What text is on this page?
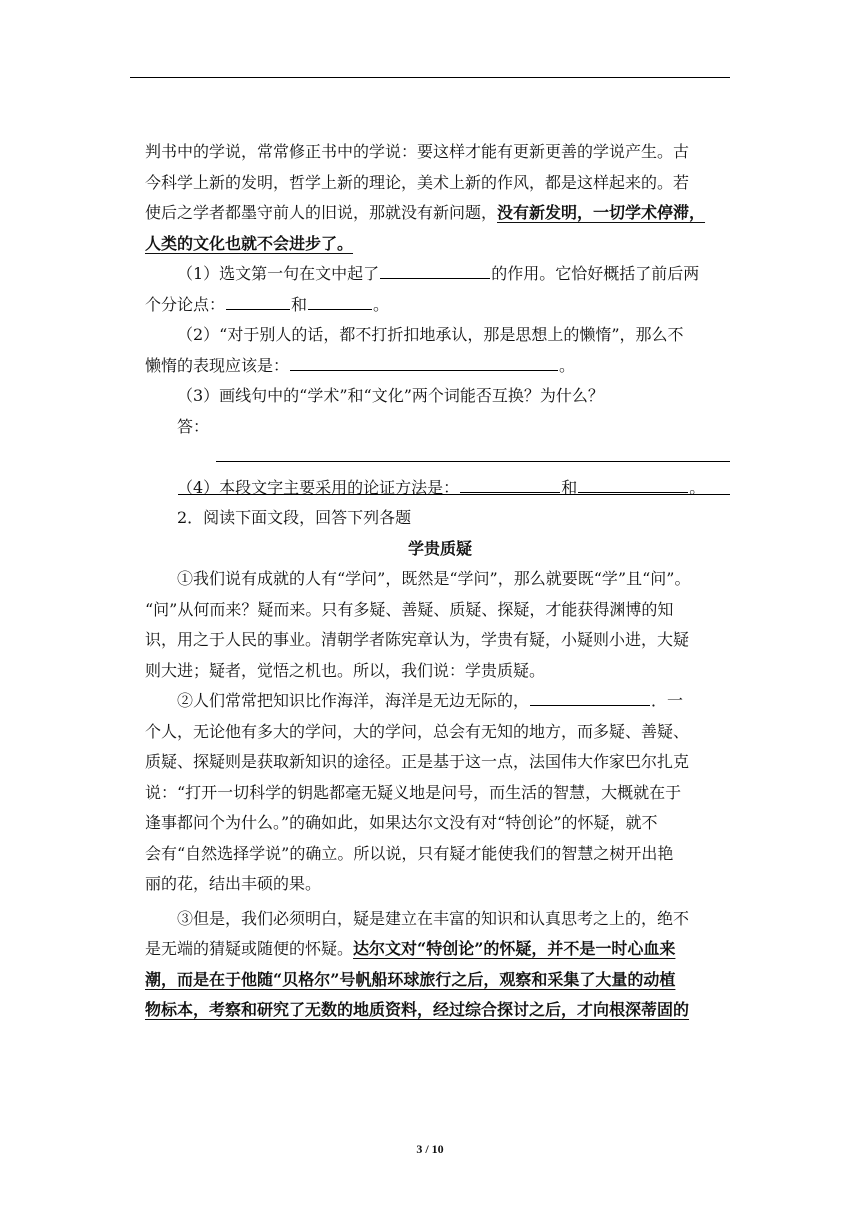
判书中的学说，常常修正书中的学说：要这样才能有更新更善的学说产生。古
今科学上新的发明，哲学上新的理论，美术上新的作风，都是这样起来的。若
使后之学者都墨守前人的旧说，那就没有新问题，没有新发明，一切学术停滞，
人类的文化也就不会进步了。
（1）选文第一句在文中起了	的作用。它恰好概括了前后两
个分论点：	和	。
（2）“对于别人的话，都不打折扣地承认，那是思想上的懒惰”，那么不
懒惰的表现应该是：	。
（3）画线句中的“学术”和“文化”两个词能否互换？为什么？
答：
（4）本段文字主要采用的论证方法是：	和	。
2．阅读下面文段，回答下列各题
学贵质疑
①我们说有成就的人有“学问”，既然是“学问”，那么就要既“学”且“问”。
“问”从何而来？疑而来。只有多疑、善疑、质疑、探疑，才能获得渊博的知
识，用之于人民的事业。清朝学者陈宪章认为，学贵有疑，小疑则小进，大疑
则大进；疑者，觉悟之机也。所以，我们说：学贵质疑。
②人们常常把知识比作海洋，海洋是无边无际的，	．一
个人，无论他有多大的学问，大的学问，总会有无知的地方，而多疑、善疑、
质疑、探疑则是获取新知识的途径。正是基于这一点，法国伟大作家巴尔扎克
说：“打开一切科学的钥匙都毫无疑义地是问号，而生活的智慧，大概就在于
逢事都问个为什么。”的确如此，如果达尔文没有对“特创论”的怀疑，就不
会有“自然选择学说”的确立。所以说，只有疑才能使我们的智慧之树开出艳
丽的花，结出丰硕的果。
③但是，我们必须明白，疑是建立在丰富的知识和认真思考之上的，绝不
是无端的猜疑或随便的怀疑。达尔文对“特创论”的怀疑，并不是一时心血来
潮，而是在于他随“贝格尔”号帆船环球旅行之后，观察和采集了大量的动植
物标本，考察和研究了无数的地质资料，经过综合探讨之后，才向根深蒂固的
3 / 10
